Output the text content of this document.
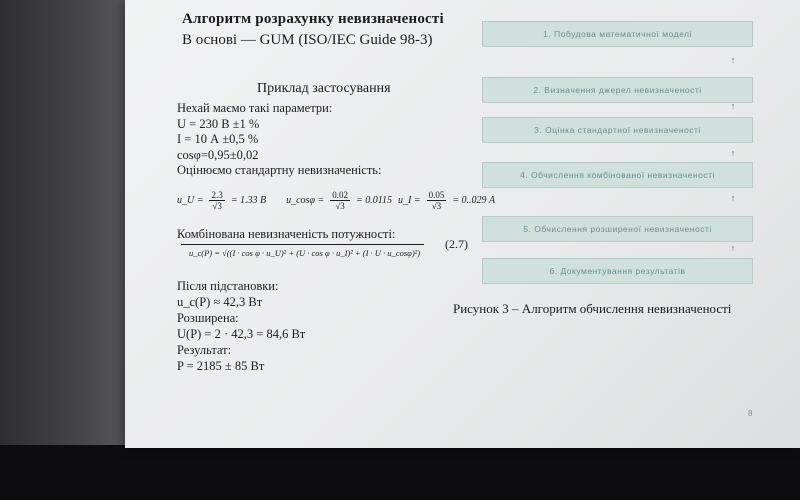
Алгоритм розрахунку невизначеності
В основі — GUM (ISO/IEC Guide 98-3)
Приклад застосування
Нехай маємо такі параметри:
U = 230 В ±1 %
I = 10 А ±0,5 %
cosφ=0,95±0,02
Оцінюємо стандартну невизначеність:
u_U = $\frac{2.3}{√3} = 1.33$ В u_cosφ = $\frac{0.02}{√3} = 0.0115$ u_I = $\frac{0.05}{√3} = 0..029$ А
Комбінована невизначеність потужності:
u_c(P) = √((I · cos φ · u_U)² + (U · cos φ · u_I)² + (I · U · u_cosφ)²)
(2.7)
Після підстановки:
u_c(P) ≈ 42,3 Вт
Розширена:
U(P) = 2 · 42,3 = 84,6 Вт
Результат:
P = 2185 ± 85 Вт
1. Побудова математичної моделі
↑
2. Визначення джерел невизначеності
↑
3. Оцінка стандартної невизначеності
↑
4. Обчислення комбінованої невизначеності
↑
5. Обчислення розширеної невизначеності
↑
6. Документування результатів
Рисунок 3 – Алгоритм обчислення невизначеності
8
